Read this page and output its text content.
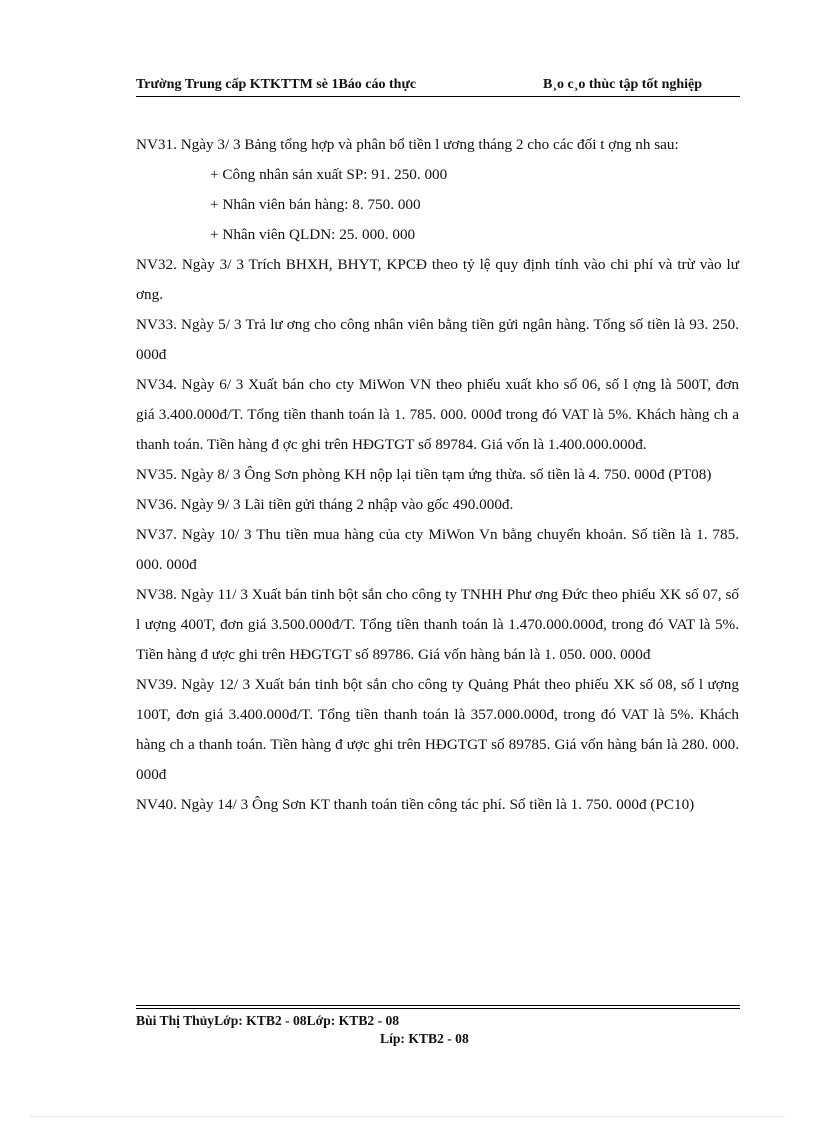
Trường Trung cấp KTKTTM sè 1Báo cáo thực	B¸o c¸o thùc tập tốt nghiệp

NV31. Ngày 3/ 3 Bảng tổng hợp và phân bổ tiền l ương tháng 2 cho các đối t ợng nh sau:

+ Công nhân sản xuất SP: 91. 250. 000

+ Nhân viên bán hàng: 8. 750. 000

+ Nhân viên QLDN: 25. 000. 000

NV32. Ngày 3/ 3 Trích BHXH, BHYT, KPCĐ theo tỷ lệ quy định tính vào chi phí và trừ vào lư ơng.

NV33. Ngày 5/ 3 Trả lư ơng cho công nhân viên bằng tiền gửi ngân hàng. Tổng số tiền là 93. 250. 000đ

NV34. Ngày 6/ 3 Xuất bán cho cty MiWon VN theo phiếu xuất kho số 06, số l ợng là 500T, đơn giá 3.400.000đ/T. Tổng tiền thanh toán là 1. 785. 000. 000đ trong đó VAT là 5%. Khách hàng ch a thanh toán. Tiền hàng đ ợc ghi trên HĐGTGT số 89784. Giá vốn là 1.400.000.000đ.

NV35. Ngày 8/ 3 Ông Sơn phòng KH nộp lại tiền tạm ứng thừa. số tiền là 4. 750. 000đ (PT08)

NV36. Ngày 9/ 3 Lãi tiền gửi tháng 2 nhập vào gốc 490.000đ.

NV37. Ngày 10/ 3 Thu tiền mua hàng của cty MiWon Vn bằng chuyển khoản. Số tiền là 1. 785. 000. 000đ

NV38. Ngày 11/ 3 Xuất bán tinh bột sắn cho công ty TNHH Phư ơng Đức theo phiếu XK số 07, số l ượng 400T, đơn giá 3.500.000đ/T. Tổng tiền thanh toán là 1.470.000.000đ, trong đó VAT là 5%. Tiền hàng đ ược ghi trên HĐGTGT số 89786. Giá vốn hàng bán là 1. 050. 000. 000đ

NV39. Ngày 12/ 3 Xuất bán tinh bột sắn cho công ty Quảng Phát theo phiếu XK số 08, số l ượng 100T, đơn giá 3.400.000đ/T. Tổng tiền thanh toán là 357.000.000đ, trong đó VAT là 5%. Khách hàng ch a thanh toán. Tiền hàng đ ược ghi trên HĐGTGT số 89785. Giá vốn hàng bán là 280. 000. 000đ

NV40. Ngày 14/ 3 Ông Sơn KT thanh toán tiền công tác phí. Số tiền là 1. 750. 000đ (PC10)

Bùi Thị ThủyLớp: KTB2 - 08Lớp: KTB2 - 08
Líp: KTB2 - 08
